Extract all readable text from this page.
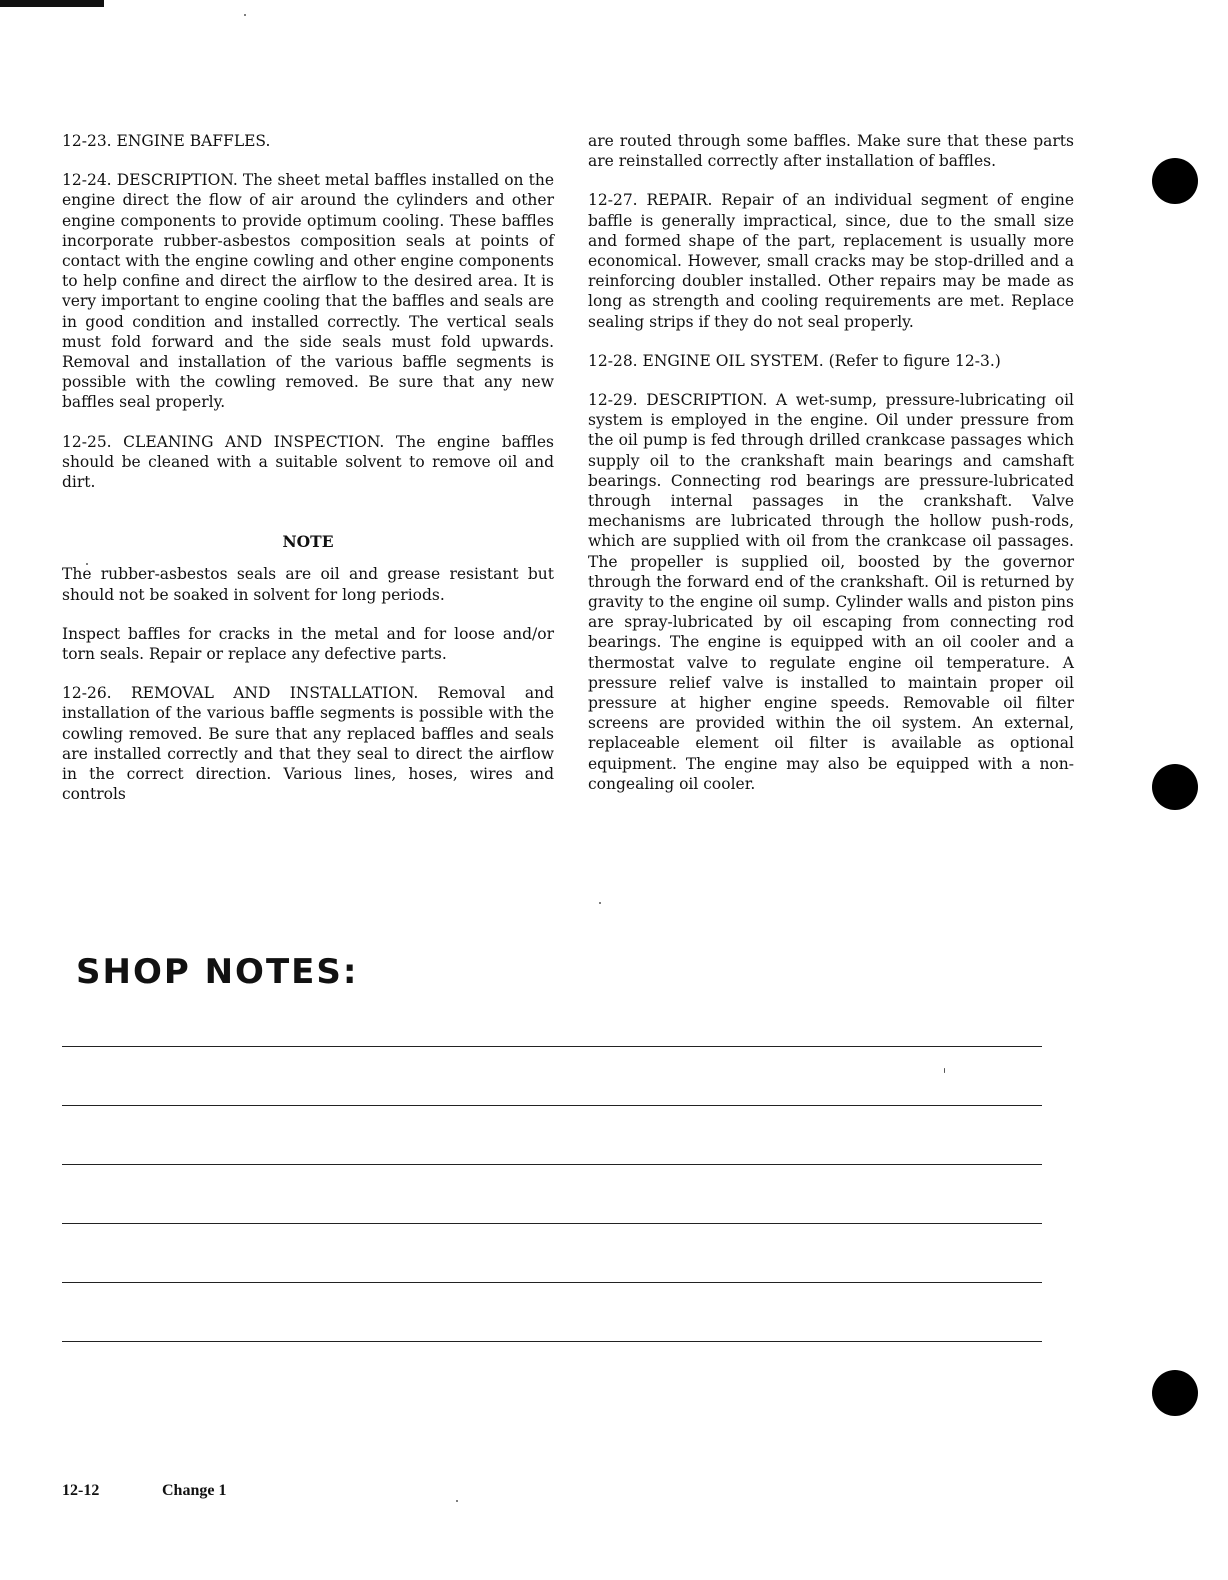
12-23. ENGINE BAFFLES.

12-24. DESCRIPTION. The sheet metal baffles installed on the engine direct the flow of air around the cylinders and other engine components to provide optimum cooling. These baffles incorporate rubber-asbestos composition seals at points of contact with the engine cowling and other engine components to help confine and direct the airflow to the desired area. It is very important to engine cooling that the baffles and seals are in good condition and installed correctly. The vertical seals must fold forward and the side seals must fold upwards. Removal and installation of the various baffle segments is possible with the cowling removed. Be sure that any new baffles seal properly.

12-25. CLEANING AND INSPECTION. The engine baffles should be cleaned with a suitable solvent to remove oil and dirt.

NOTE

The rubber-asbestos seals are oil and grease resistant but should not be soaked in solvent for long periods.

Inspect baffles for cracks in the metal and for loose and/or torn seals. Repair or replace any defective parts.

12-26. REMOVAL AND INSTALLATION. Removal and installation of the various baffle segments is possible with the cowling removed. Be sure that any replaced baffles and seals are installed correctly and that they seal to direct the airflow in the correct direction. Various lines, hoses, wires and controls

are routed through some baffles. Make sure that these parts are reinstalled correctly after installation of baffles.

12-27. REPAIR. Repair of an individual segment of engine baffle is generally impractical, since, due to the small size and formed shape of the part, replacement is usually more economical. However, small cracks may be stop-drilled and a reinforcing doubler installed. Other repairs may be made as long as strength and cooling requirements are met. Replace sealing strips if they do not seal properly.

12-28. ENGINE OIL SYSTEM. (Refer to figure 12-3.)

12-29. DESCRIPTION. A wet-sump, pressure-lubricating oil system is employed in the engine. Oil under pressure from the oil pump is fed through drilled crankcase passages which supply oil to the crankshaft main bearings and camshaft bearings. Connecting rod bearings are pressure-lubricated through internal passages in the crankshaft. Valve mechanisms are lubricated through the hollow push-rods, which are supplied with oil from the crankcase oil passages. The propeller is supplied oil, boosted by the governor through the forward end of the crankshaft. Oil is returned by gravity to the engine oil sump. Cylinder walls and piston pins are spray-lubricated by oil escaping from connecting rod bearings. The engine is equipped with an oil cooler and a thermostat valve to regulate engine oil temperature. A pressure relief valve is installed to maintain proper oil pressure at higher engine speeds. Removable oil filter screens are provided within the oil system. An external, replaceable element oil filter is available as optional equipment. The engine may also be equipped with a non-congealing oil cooler.

SHOP NOTES:
12-12	Change 1
